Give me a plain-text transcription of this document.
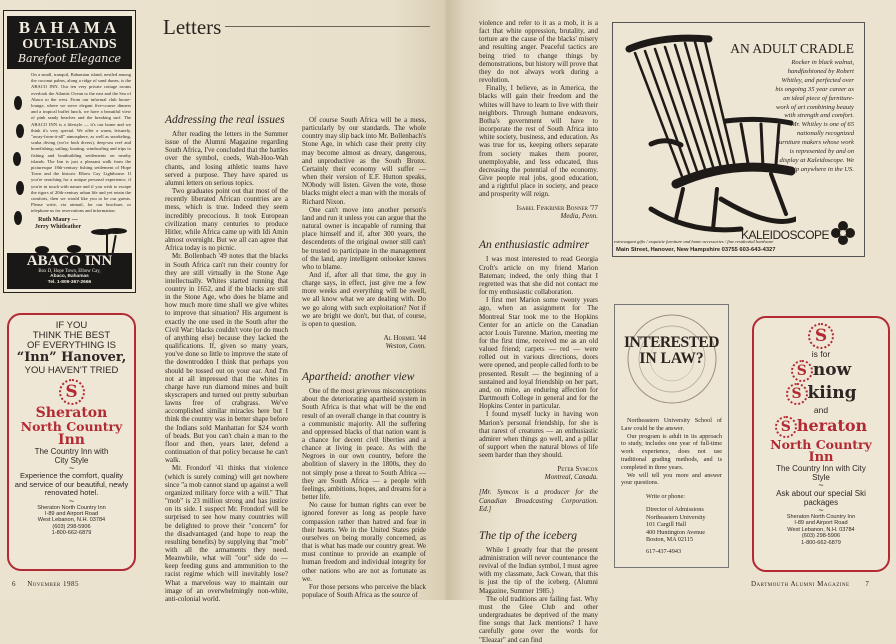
BAHAMA
OUT-ISLANDS
Barefoot Elegance
On a small, tranquil, Bahamian island, nestled among the coconut palms, along a ridge of sand dunes, is the ABACO INN. Our ten very private cottage rooms overlook the Atlantic Ocean to the east and the Sea of Abaco to the west. From our informal club house-lounge, where we serve elegant five-course dinners and a tropical buffet lunch, we have a beautiful view of pink sandy beaches and the breaking surf. The ABACO INN is a lifestyle — it's our home and we think it's very special. We offer a warm, leisurely, "away-from-it-all" atmosphere, as well as snorkeling, scuba diving (we're both divers), deep-sea reef and bonefishing; sailing; boating, windsurfing and trips to fishing and boatbuilding settlements on nearby islands. The Inn is just a pleasant walk from the picturesque 18th-century fishing settlement of Hope Town and the historic Elbow Cay Lighthouse. If you're searching for a unique personal experience, if you're in touch with nature and if you wish to escape the rigors of 20th-century urban life and yet retain the comforts, then we would like you to be our guests. Please write, via airmail, for our brochure, or telephone us for reservations and information.
Ruth Maury —
Jerry Whitleather
ABACO INN
Box D, Hope Town, Elbow Cay,
Abaco, Bahamas
Tel. 1-809-367-2666
IF YOU
THINK THE BEST
OF EVERYTHING IS
“Inn” Hanover,
YOU HAVEN'T TRIED
S
Sheraton
North Country
Inn
The Country Inn with City Style
~
Experience the comfort, quality and service of our beautiful, newly renovated hotel.
~
Sheraton North Country Inn
I-89 and Airport Road
West Lebanon, N.H. 03784
(603) 298-5906
1-800-662-6879
Letters
Addressing the real issues

After reading the letters in the Summer issue of the Alumni Magazine regarding South Africa, I've concluded that the battles over the symbol, coeds, Wah-Hoo-Wah chants, and losing athletic teams have served a purpose. They have spared us alumni letters on serious topics.

Two graduates point out that most of the recently liberated African countries are a mess, which is true. Indeed they seem incredibly precocious. It took European civilization many centuries to produce Hitler, while Africa came up with Idi Amin almost overnight. But we all can agree that Africa today is no picnic.

Mr. Bollenbach '49 notes that the blacks in South Africa can't run their country for they are still virtually in the Stone Age intellectually. Whites started running that country in 1652, and if the blacks are still in the Stone Age, who does he blame and how much more time shall we give whites to improve that situation? His argument is exactly the one used in the South after the Civil War: blacks couldn't vote (or do much of anything else) because they lacked the qualifications. If, given so many years, you've done so little to improve the state of the downtrodden I think that perhaps you should be tossed out on your ear. And I'm not at all impressed that the whites in charge have run diamond mines and built skyscrapers and turned out pretty suburban lawns free of crabgrass. We've accomplished similar miracles here but I think the country was in better shape before the Indians sold Manhattan for $24 worth of beads. But you can't chain a man to the floor and then, years later, defend a continuation of that policy because he can't walk.

Mr. Frondorf '41 thinks that violence (which is surely coming) will get nowhere since "a mob cannot stand up against a well organized military force with a will." That "mob" is 23 million strong and has justice on its side. I suspect Mr. Frondorf will be surprised to see how many countries will be delighted to prove their "concern" for the disadvantaged (and hope to reap the resulting benefits) by supplying that "mob" with all the armaments they need. Meanwhile, what will "our" side do — keep feeding guns and ammunition to the racist regime which will inevitably lose? What a marvelous way to maintain our image of an overwhelmingly non-white, anti-colonial world.

Of course South Africa will be a mess, particularly by our standards. The whole country may slip back into Mr. Bollenbach's Stone Age, in which case their pretty city may become almost as dreary, dangerous, and unproductive as the South Bronx. Certainly their economy will suffer — when their version of E.F. Hutton speaks, NObody will listen. Given the vote, those blacks might elect a man with the morals of Richard Nixon.

One can't move into another person's land and run it unless you can argue that the natural owner is incapable of running that place himself and if, after 300 years, the descendents of the original owner still can't be trusted to participate in the management of the land, any intelligent onlooker knows who to blame.

And if, after all that time, the guy in charge says, in effect, just give me a few more weeks and everything will be swell, we all know what we are dealing with. Do we go along with such exploitation? Not if we are bright we don't, but that, of course, is open to question.

Al Hormel '44
Weston, Conn.
Apartheid: another view

One of the most grievous misconceptions about the deteriorating apartheid system in South Africa is that what will be the end result of an overall change in that country is a communistic majority. All the suffering and oppressed blacks of that nation want is a chance for decent civil liberties and a chance at living in peace. As with the Negroes in our own country, before the abolition of slavery in the 1800s, they do not simply pose a threat to South Africa — they are South Africa — a people with feelings, ambitions, hopes, and dreams for a better life.

No cause for human rights can ever be ignored forever as long as people have compassion rather than hatred and fear in their hearts. We in the United States pride ourselves on being morally concerned, as that is what has made our country great. We must continue to provide an example of human freedom and individual integrity for other nations who are not as fortunate as we.

For those persons who perceive the black populace of South Africa as the source of

6 November 1985

violence and refer to it as a mob, it is a fact that white oppression, brutality, and torture are the cause of the blacks' misery and resulting anger. Peaceful tactics are being tried to change things by demonstrations, but history will prove that they do not always work during a revolution.

Finally, I believe, as in America, the blacks will gain their freedom and the whites will have to learn to live with their neighbors. Through humane endeavors, Botha's government will have to incorporate the rest of South Africa into white society, business, and education. As was true for us, keeping others separate from society makes them poorer, unemployable, and less educated, thus decreasing the potential of the economy. Give people real jobs, good education, and a rightful place in society, and peace and prosperity will reign.

Isabel Finkbiner Bonner '77
Media, Penn.
An enthusiastic admirer

I was most interested to read Georgia Croft's article on my friend Marion Bateman; indeed, the only thing that I regretted was that she did not contact me for my enthusiastic collaboration.

I first met Marion some twenty years ago, when an assignment for The Montreal Star took me to the Hopkins Center for an article on the Canadian actor Louis Turenne. Marion, meeting me for the first time, received me as an old valued friend; carpets — red — were rolled out in various directions, doors were opened, and people called forth to be presented. Result — the beginning of a sustained and loyal friendship on her part, and, on mine, an enduring affection for Dartmouth College in general and for the Hopkins Center in particular.

I found myself lucky in having won Marion's personal friendship, for she is that rarest of creatures — an enthusiastic admirer when things go well, and a pillar of support when the natural blows of life seem harder than they should.

Peter Symcox
Montreal, Canada.
[Mr. Symcox is a producer for the Canadian Broadcasting Corporation. Ed.]
The tip of the iceberg

While I greatly fear that the present administration will never countenance the revival of the Indian symbol, I must agree with my classmate, Jack Cowan, that this is just the tip of the iceberg. (Alumni Magazine, Summer 1985.)

The old traditions are failing fast. Why must the Glee Club and other undergraduates be deprived of the many fine songs that Jack mentions? I have carefully gone over the words for "Eleazar" and can find

AN ADULT CRADLE
Rocker in black walnut, handfashioned by Robert Whitley, and perfected over his ongoing 35 year career as an ideal piece of furniture-work of art combining beauty with strength and comfort. Mr. Whitley is one of 65 nationally recognized furniture makers whose work is represented by and on display at Kaleidoscope. We ship anywhere in the US.
KALEIDOSCOPE
extravagant gifts / exquisite furniture and home accessories / fine residential hardware
Main Street, Hanover, New Hampshire 03755 603-643-4327
INTERESTED
IN LAW?

Northeastern University School of Law could be the answer.

Our program is adult in its approach to study, includes one year of full-time work experience, does not use traditional grading methods, and is completed in three years.

We will tell you more and answer your questions.

Write or phone:
Director of Admissions
Northeastern University
101 Cargill Hall
400 Huntington Avenue
Boston, MA 02115
617-437-4943
S
is for
S now
S kiing
and
S heraton
North Country
Inn
The Country Inn with City Style
~
Ask about our special Ski packages
~
Sheraton North Country Inn
I-89 and Airport Road
West Lebanon, N.H. 03784
(603) 298-5906
1-800-662-6879
Dartmouth Alumni Magazine 7
